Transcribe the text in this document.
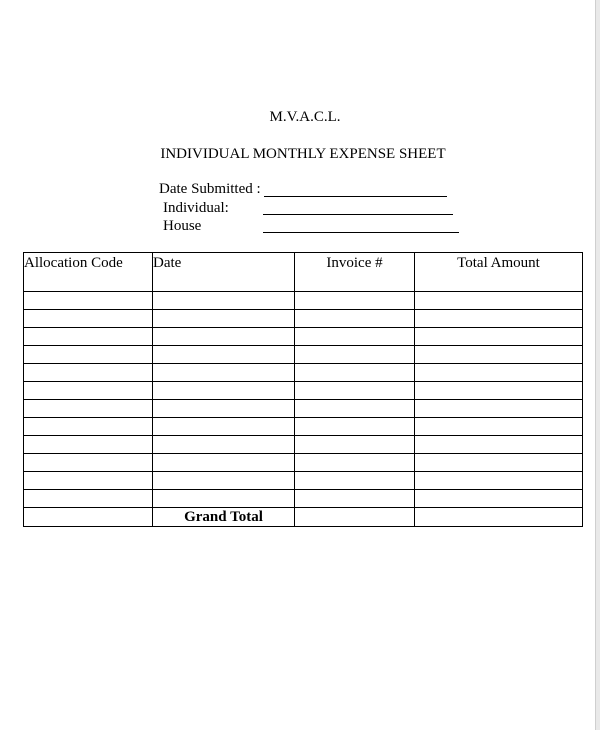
M.V.A.C.L.
INDIVIDUAL MONTHLY EXPENSE SHEET
Date Submitted :
Individual:
House
Allocation Code	Date	Invoice #	Total Amount

	Grand Total		
